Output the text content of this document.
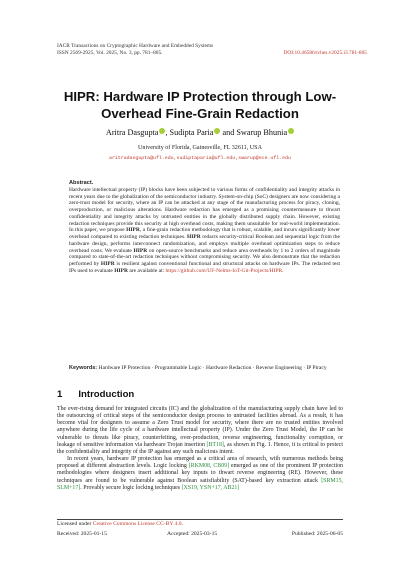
IACR Transactions on Cryptographic Hardware and Embedded Systems
ISSN 2569-2925, Vol. 2025, No. 3, pp. 781–805.	DOI:10.46586/tches.v2025.i3.781-805
HIPR: Hardware IP Protection through Low-Overhead Fine-Grain Redaction
Aritra Dasgupta , Sudipta Paria and Swarup Bhunia
University of Florida, Gainesville, FL 32611, USA
aritradasgupta@ufl.edu,sudiptaparia@ufl.edu,swarup@ece.ufl.edu
Abstract.
Hardware intellectual property (IP) blocks have been subjected to various forms of confidentiality and integrity attacks in recent years due to the globalization of the semiconductor industry. System-on-chip (SoC) designers are now considering a zero-trust model for security, where an IP can be attacked at any stage of the manufacturing process for piracy, cloning, overproduction, or malicious alterations. Hardware redaction has emerged as a promising countermeasure to thwart confidentiality and integrity attacks by untrusted entities in the globally distributed supply chain. However, existing redaction techniques provide this security at high overhead costs, making them unsuitable for real-world implementation. In this paper, we propose HIPR, a fine-grain redaction methodology that is robust, scalable, and incurs significantly lower overhead compared to existing redaction techniques. HIPR redacts security-critical Boolean and sequential logic from the hardware design, performs interconnect randomization, and employs multiple overhead optimization steps to reduce overhead costs. We evaluate HIPR on open-source benchmarks and reduce area overheads by 1 to 2 orders of magnitude compared to state-of-the-art redaction techniques without compromising security. We also demonstrate that the redaction performed by HIPR is resilient against conventional functional and structural attacks on hardware IPs. The redacted test IPs used to evaluate HIPR are available at: https://github.com/UF-Nelms-IoT-Git-Projects/HIPR.
Keywords: Hardware IP Protection · Programmable Logic · Hardware Redaction · Reverse Engineering · IP Piracy
1 Introduction

The ever-rising demand for integrated circuits (IC) and the globalization of the manufacturing supply chain have led to the outsourcing of critical steps of the semiconductor design process to untrusted facilities abroad. As a result, it has become vital for designers to assume a Zero Trust model for security, where there are no trusted entities involved anywhere during the life cycle of a hardware intellectual property (IP). Under the Zero Trust Model, the IP can be vulnerable to threats like piracy, counterfeiting, over-production, reverse engineering, functionality corruption, or leakage of sensitive information via hardware Trojan insertion [BT18], as shown in Fig. 1. Hence, it is critical to protect the confidentiality and integrity of the IP against any such malicious intent.

In recent years, hardware IP protection has emerged as a critical area of research, with numerous methods being proposed at different abstraction levels. Logic locking [RKM08, CB09] emerged as one of the prominent IP protection methodologies where designers insert additional key inputs to thwart reverse engineering (RE). However, these techniques are found to be vulnerable against Boolean satisfiability (SAT)-based key extraction attack [SRM15, SLM+17]. Provably secure logic locking techniques [XS19, YSN+17, AB21]

Licensed under Creative Commons License CC-BY 4.0.
Received: 2025-01-15	Accepted: 2025-03-15	Published: 2025-06-05
